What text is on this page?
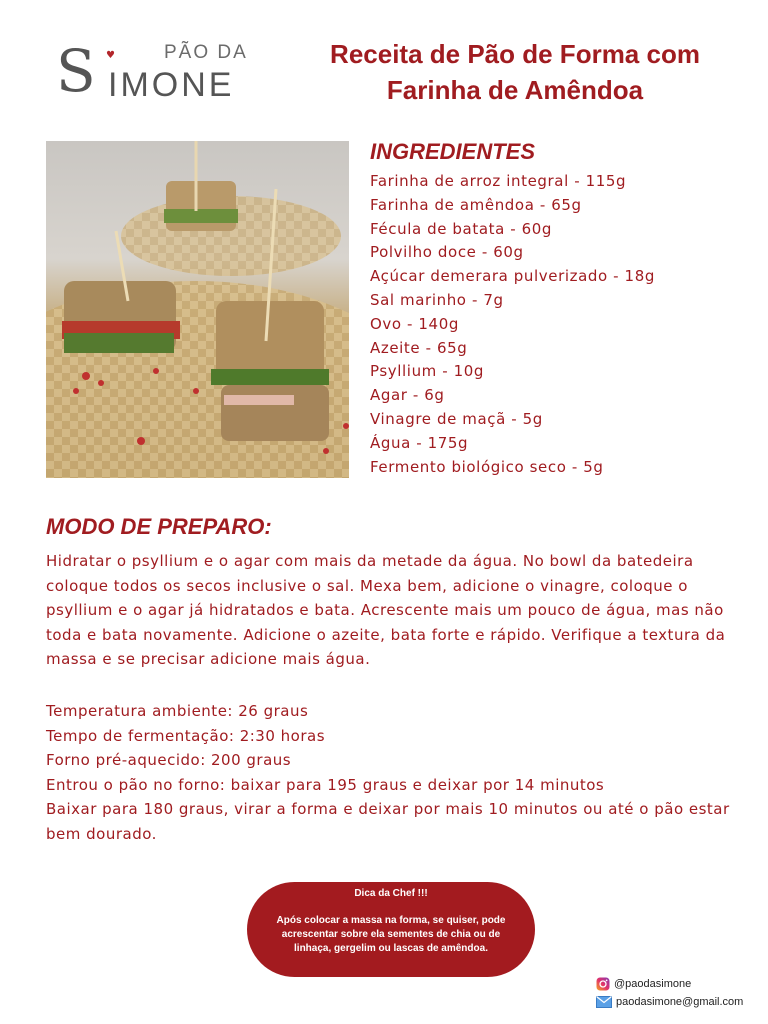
PÃO DA
S ♥
IMONE
Receita de Pão de Forma com
Farinha de Amêndoa
INGREDIENTES
Farinha de arroz integral - 115g
Farinha de amêndoa - 65g
Fécula de batata - 60g
Polvilho doce - 60g
Açúcar demerara pulverizado - 18g
Sal marinho - 7g
Ovo - 140g
Azeite - 65g
Psyllium - 10g
Agar - 6g
Vinagre de maçã - 5g
Água - 175g
Fermento biológico seco - 5g
MODO DE PREPARO:

Hidratar o psyllium e o agar com mais da metade da água. No bowl da batedeira coloque todos os secos inclusive o sal. Mexa bem, adicione o vinagre, coloque o psyllium e o agar já hidratados e bata. Acrescente mais um pouco de água, mas não toda e bata novamente. Adicione o azeite, bata forte e rápido. Verifique a textura da massa e se precisar adicione mais água.

Temperatura ambiente: 26 graus
Tempo de fermentação: 2:30 horas
Forno pré-aquecido: 200 graus
Entrou o pão no forno: baixar para 195 graus e deixar por 14 minutos
Baixar para 180 graus, virar a forma e deixar por mais 10 minutos ou até o pão estar bem dourado.
Dica da Chef !!!
Após colocar a massa na forma, se quiser, pode acrescentar sobre ela sementes de chia ou de linhaça, gergelim ou lascas de amêndoa.
@paodasimone
paodasimone@gmail.com
